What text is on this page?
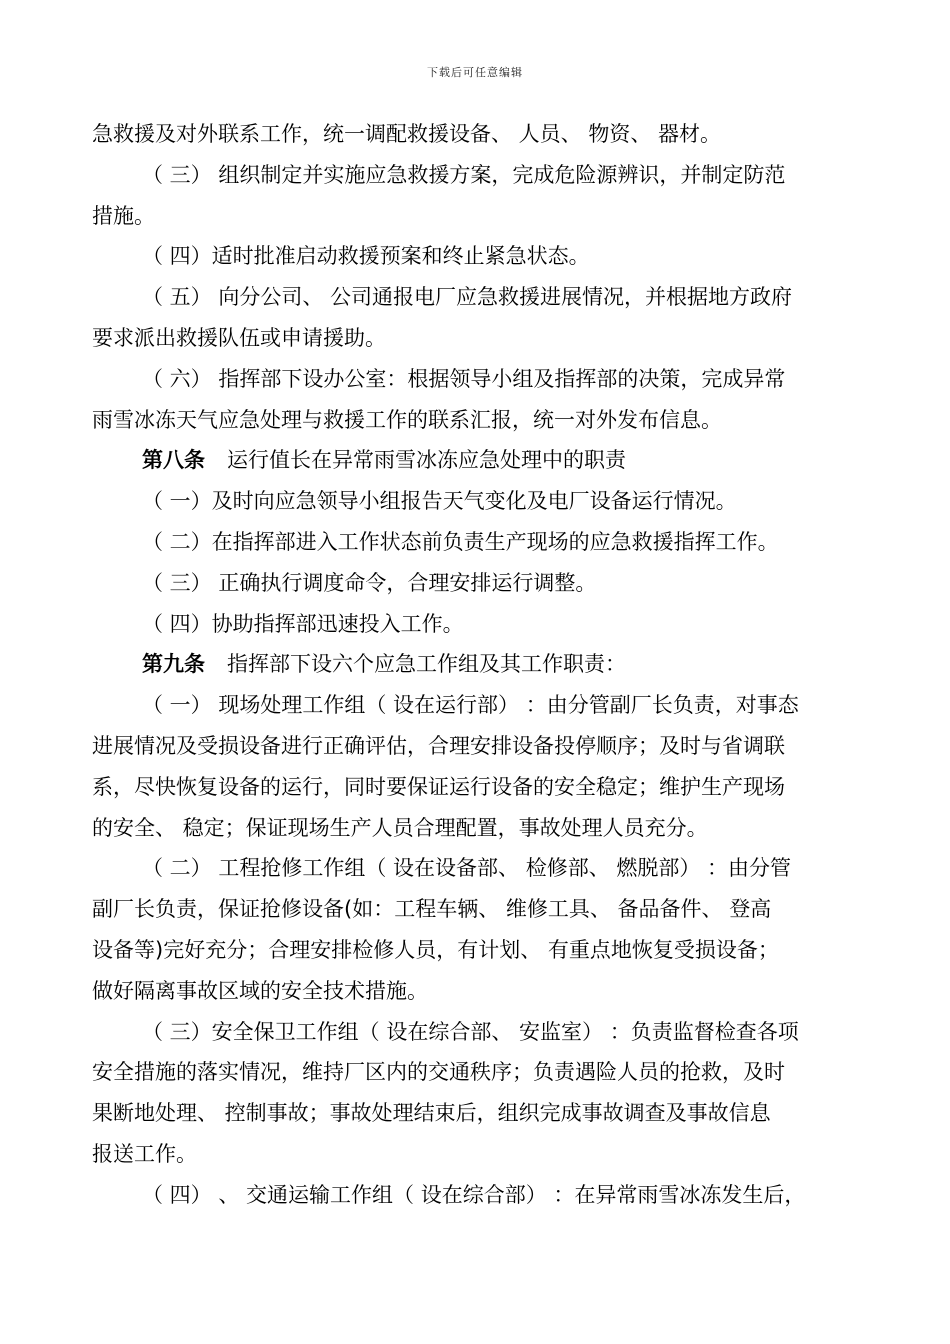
下载后可任意编辑
急救援及对外联系工作，统一调配救援设备、 人员、 物资、 器材。
（ 三） 组织制定并实施应急救援方案，完成危险源辨识，并制定防范
措施。
（ 四）适时批准启动救援预案和终止紧急状态。
（ 五） 向分公司、 公司通报电厂应急救援进展情况，并根据地方政府
要求派出救援队伍或申请援助。
（ 六） 指挥部下设办公室：根据领导小组及指挥部的决策，完成异常
雨雪冰冻天气应急处理与救援工作的联系汇报，统一对外发布信息。
第八条 运行值长在异常雨雪冰冻应急处理中的职责
（ 一）及时向应急领导小组报告天气变化及电厂设备运行情况。
（ 二）在指挥部进入工作状态前负责生产现场的应急救援指挥工作。
（ 三） 正确执行调度命令，合理安排运行调整。
（ 四）协助指挥部迅速投入工作。
第九条 指挥部下设六个应急工作组及其工作职责：
（ 一） 现场处理工作组（ 设在运行部） ：由分管副厂长负责，对事态
进展情况及受损设备进行正确评估，合理安排设备投停顺序；及时与省调联
系，尽快恢复设备的运行，同时要保证运行设备的安全稳定；维护生产现场
的安全、 稳定；保证现场生产人员合理配置，事故处理人员充分。
（ 二） 工程抢修工作组（ 设在设备部、 检修部、 燃脱部） ：由分管
副厂长负责，保证抢修设备(如：工程车辆、 维修工具、 备品备件、 登高
设备等)完好充分；合理安排检修人员，有计划、 有重点地恢复受损设备；
做好隔离事故区域的安全技术措施。
（ 三）安全保卫工作组（ 设在综合部、 安监室） ：负责监督检查各项
安全措施的落实情况，维持厂区内的交通秩序；负责遇险人员的抢救，及时
果断地处理、 控制事故；事故处理结束后，组织完成事故调查及事故信息
报送工作。
（ 四） 、 交通运输工作组（ 设在综合部） ：在异常雨雪冰冻发生后，
